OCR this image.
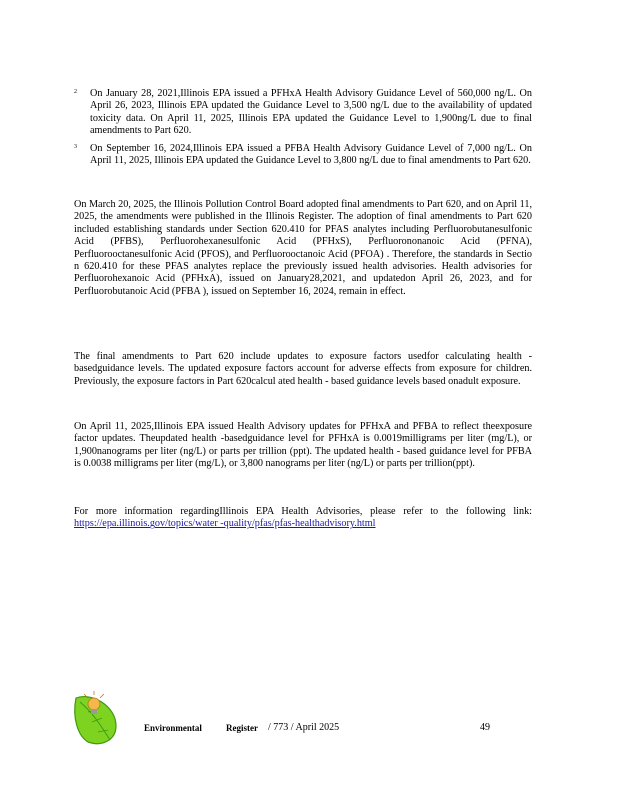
2 On January 28, 2021,Illinois EPA issued a PFHxA Health Advisory Guidance Level of 560,000 ng/L. On April 26, 2023, Illinois EPA updated the Guidance Level to 3,500 ng/L due to the availability of updated toxicity data. On April 11, 2025, Illinois EPA updated the Guidance Level to 1,900ng/L due to final amendments to Part 620.
3 On September 16, 2024,Illinois EPA issued a PFBA Health Advisory Guidance Level of 7,000 ng/L. On April 11, 2025, Illinois EPA updated the Guidance Level to 3,800 ng/L due to final amendments to Part 620.
On March 20, 2025, the Illinois Pollution Control Board adopted final amendments to Part 620, and on April 11, 2025, the amendments were published in the Illinois Register. The adoption of final amendments to Part 620 included establishing standards under Section 620.410 for PFAS analytes including Perfluorobutanesulfonic Acid (PFBS), Perfluorohexanesulfonic Acid (PFHxS), Perfluorononanoic Acid (PFNA), Perfluorooctanesulfonic Acid (PFOS), and Perfluorooctanoic Acid (PFOA) . Therefore, the standards in Sectio n 620.410 for these PFAS analytes replace the previously issued health advisories. Health advisories for Perfluorohexanoic Acid (PFHxA), issued on January28,2021, and updatedon April 26, 2023, and for Perfluorobutanoic Acid (PFBA ), issued on September 16, 2024, remain in effect.
The final amendments to Part 620 include updates to exposure factors usedfor calculating health - basedguidance levels. The updated exposure factors account for adverse effects from exposure for children. Previously, the exposure factors in Part 620calcul ated health - based guidance levels based onadult exposure.
On April 11, 2025,Illinois EPA issued Health Advisory updates for PFHxA and PFBA to reflect theexposure factor updates. Theupdated health -basedguidance level for PFHxA is 0.0019milligrams per liter (mg/L), or 1,900nanograms per liter (ng/L) or parts per trillion (ppt). The updated health - based guidance level for PFBA is 0.0038 milligrams per liter (mg/L), or 3,800 nanograms per liter (ng/L) or parts per trillion(ppt).
For more information regardingIllinois EPA Health Advisories, please refer to the following link: https://epa.illinois.gov/topics/water -quality/pfas/pfas-healthadvisory.html
Environmental	Register / 773 / April 2025	49
